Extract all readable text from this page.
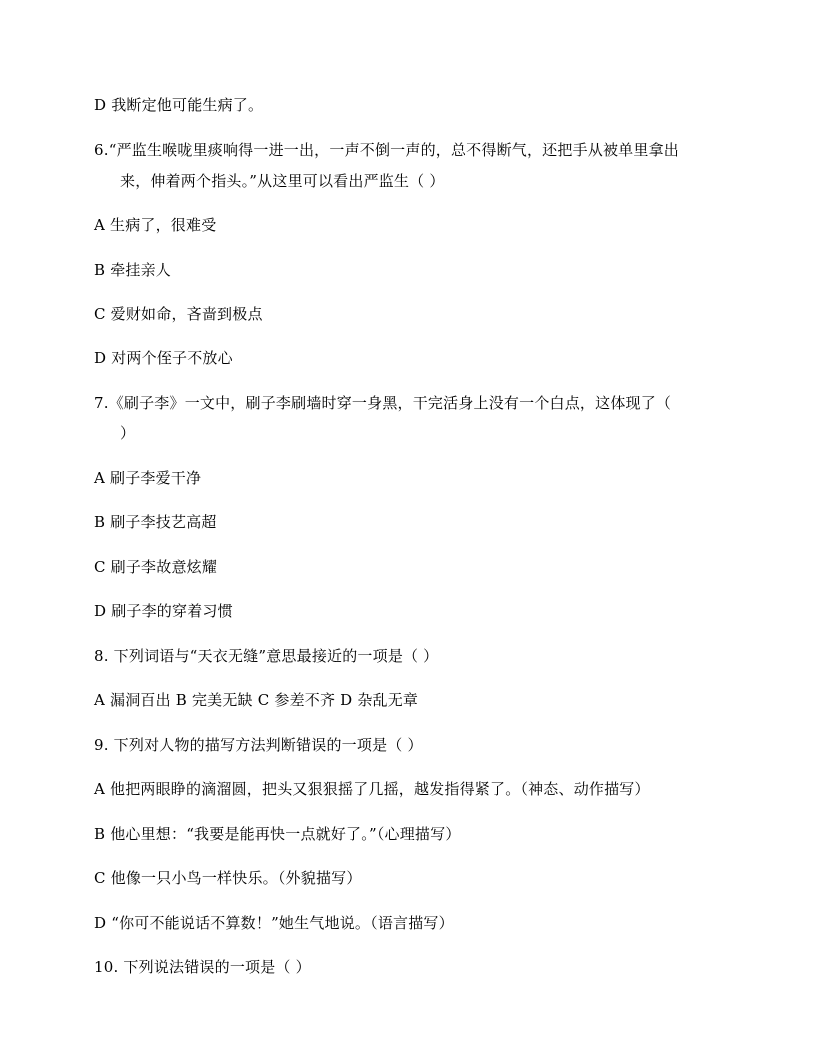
D 我断定他可能生病了。
6.“严监生喉咙里痰响得一进一出，一声不倒一声的，总不得断气，还把手从被单里拿出
来，伸着两个指头。”从这里可以看出严监生（ ）
A 生病了，很难受
B 牵挂亲人
C 爱财如命，吝啬到极点
D 对两个侄子不放心
7.《刷子李》一文中，刷子李刷墙时穿一身黑，干完活身上没有一个白点，这体现了（
）
A 刷子李爱干净
B 刷子李技艺高超
C 刷子李故意炫耀
D 刷子李的穿着习惯
8. 下列词语与“天衣无缝”意思最接近的一项是（ ）
A 漏洞百出 B 完美无缺 C 参差不齐 D 杂乱无章
9. 下列对人物的描写方法判断错误的一项是（ ）
A 他把两眼睁的滴溜圆，把头又狠狠摇了几摇，越发指得紧了。（神态、动作描写）
B 他心里想：“我要是能再快一点就好了。”（心理描写）
C 他像一只小鸟一样快乐。（外貌描写）
D “你可不能说话不算数！”她生气地说。（语言描写）
10. 下列说法错误的一项是（ ）
